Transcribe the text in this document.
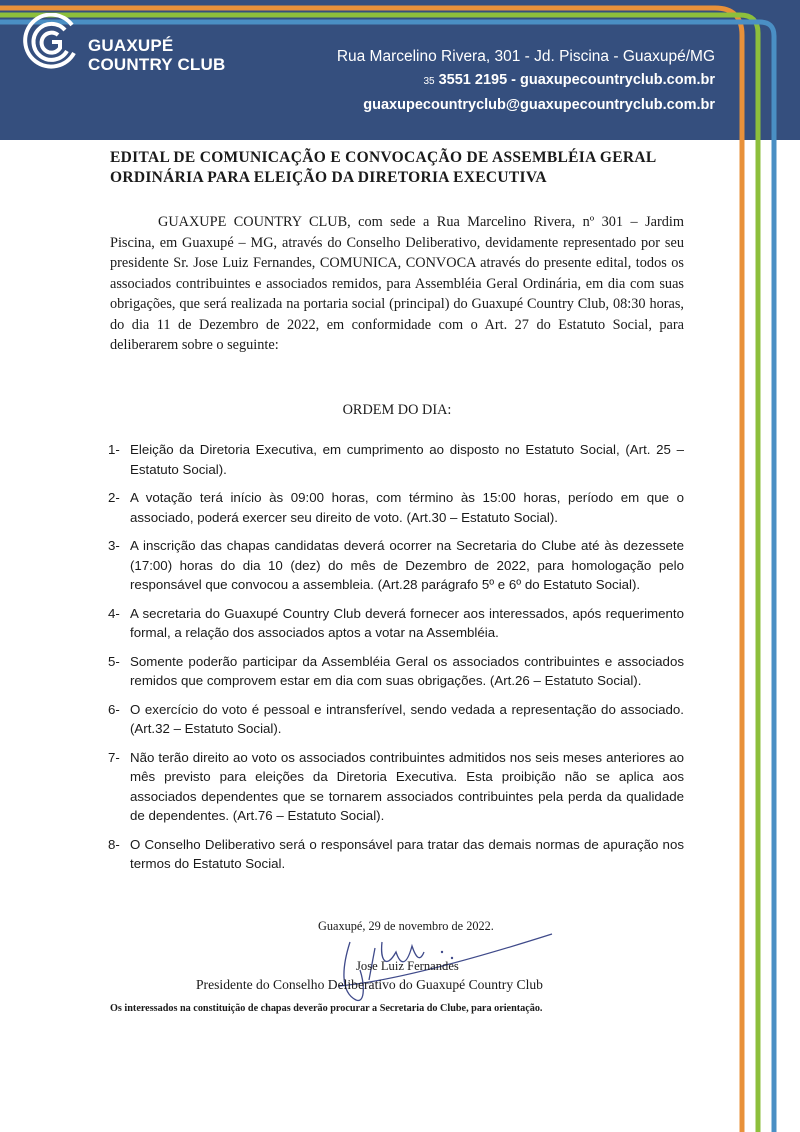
GUAXUPÉ
COUNTRY CLUB	Rua Marcelino Rivera, 301 - Jd. Piscina - Guaxupé/MG
35 3551 2195 - guaxupecountryclub.com.br
guaxupecountryclub@guaxupecountryclub.com.br
EDITAL DE COMUNICAÇÃO E CONVOCAÇÃO DE ASSEMBLÉIA GERAL
ORDINÁRIA PARA ELEIÇÃO DA DIRETORIA EXECUTIVA

GUAXUPE COUNTRY CLUB, com sede a Rua Marcelino Rivera, nº 301 – Jardim Piscina, em Guaxupé – MG, através do Conselho Deliberativo, devidamente representado por seu presidente Sr. Jose Luiz Fernandes, COMUNICA, CONVOCA através do presente edital, todos os associados contribuintes e associados remidos, para Assembléia Geral Ordinária, em dia com suas obrigações, que será realizada na portaria social (principal) do Guaxupé Country Club, 08:30 horas, do dia 11 de Dezembro de 2022, em conformidade com o Art. 27 do Estatuto Social, para deliberarem sobre o seguinte:

ORDEM DO DIA:
1- Eleição da Diretoria Executiva, em cumprimento ao disposto no Estatuto Social, (Art. 25 – Estatuto Social).
2- A votação terá início às 09:00 horas, com término às 15:00 horas, período em que o associado, poderá exercer seu direito de voto. (Art.30 – Estatuto Social).
3- A inscrição das chapas candidatas deverá ocorrer na Secretaria do Clube até às dezessete (17:00) horas do dia 10 (dez) do mês de Dezembro de 2022, para homologação pelo responsável que convocou a assembleia. (Art.28 parágrafo 5º e 6º do Estatuto Social).
4- A secretaria do Guaxupé Country Club deverá fornecer aos interessados, após requerimento formal, a relação dos associados aptos a votar na Assembléia.
5- Somente poderão participar da Assembléia Geral os associados contribuintes e associados remidos que comprovem estar em dia com suas obrigações. (Art.26 – Estatuto Social).
6- O exercício do voto é pessoal e intransferível, sendo vedada a representação do associado. (Art.32 – Estatuto Social).
7- Não terão direito ao voto os associados contribuintes admitidos nos seis meses anteriores ao mês previsto para eleições da Diretoria Executiva. Esta proibição não se aplica aos associados dependentes que se tornarem associados contribuintes pela perda da qualidade de dependentes. (Art.76 – Estatuto Social).
8- O Conselho Deliberativo será o responsável para tratar das demais normas de apuração nos termos do Estatuto Social.
Guaxupé, 29 de novembro de 2022.
Jose Luiz Fernandes
Presidente do Conselho Deliberativo do Guaxupé Country Club
Os interessados na constituição de chapas deverão procurar a Secretaria do Clube, para orientação.
